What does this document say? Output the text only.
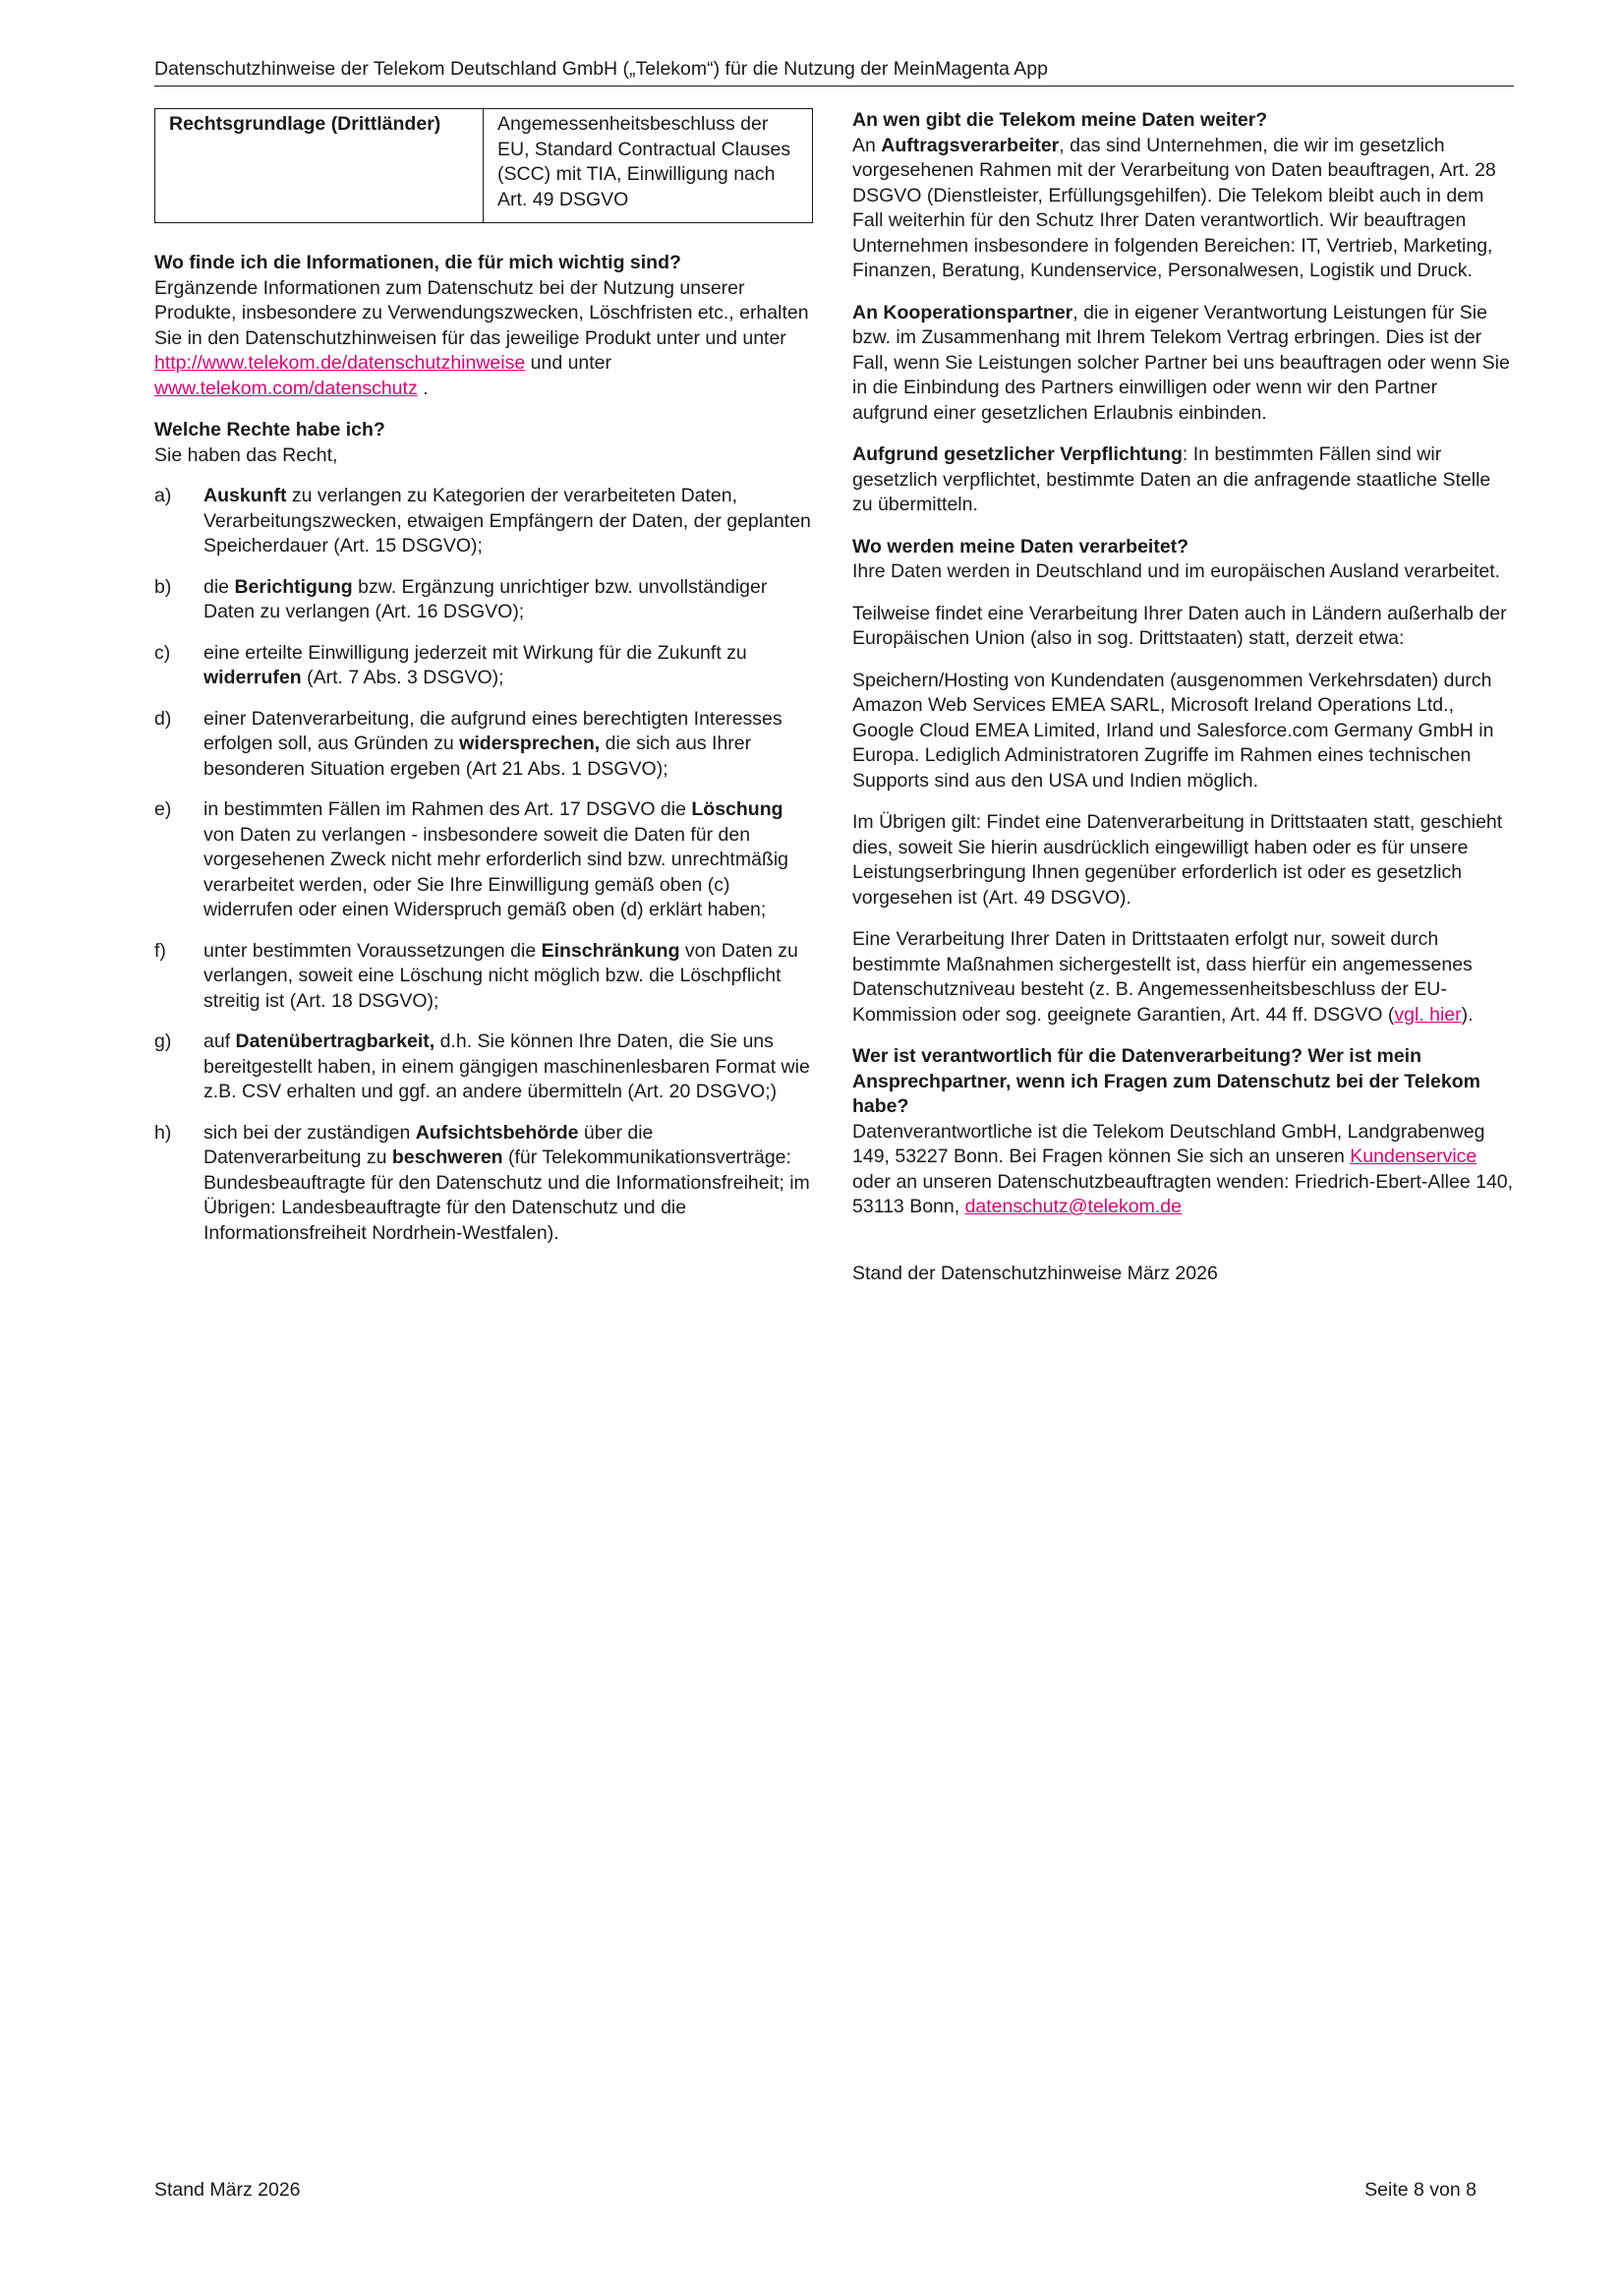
Datenschutzhinweise der Telekom Deutschland GmbH („Telekom“) für die Nutzung der MeinMagenta App
Rechtsgrundlage (Drittländer)	Angemessenheitsbeschluss der EU, Standard Contractual Clauses (SCC) mit TIA, Einwilligung nach Art. 49 DSGVO
Wo finde ich die Informationen, die für mich wichtig sind?
Ergänzende Informationen zum Datenschutz bei der Nutzung unserer Produkte, insbesondere zu Verwendungszwecken, Löschfristen etc., erhalten Sie in den Datenschutzhinweisen für das jeweilige Produkt unter und unter
http://www.telekom.de/datenschutzhinweise und unter
www.telekom.com/datenschutz .
Welche Rechte habe ich?
Sie haben das Recht,
a)	Auskunft zu verlangen zu Kategorien der verarbeiteten Daten, Verarbeitungszwecken, etwaigen Empfängern der Daten, der geplanten Speicherdauer (Art. 15 DSGVO);
b)	die Berichtigung bzw. Ergänzung unrichtiger bzw. unvollständiger Daten zu verlangen (Art. 16 DSGVO);
c)	eine erteilte Einwilligung jederzeit mit Wirkung für die Zukunft zu widerrufen (Art. 7 Abs. 3 DSGVO);
d)	einer Datenverarbeitung, die aufgrund eines berechtigten Interesses erfolgen soll, aus Gründen zu widersprechen, die sich aus Ihrer besonderen Situation ergeben (Art 21 Abs. 1 DSGVO);
e)	in bestimmten Fällen im Rahmen des Art. 17 DSGVO die Löschung von Daten zu verlangen - insbesondere soweit die Daten für den vorgesehenen Zweck nicht mehr erforderlich sind bzw. unrechtmäßig verarbeitet werden, oder Sie Ihre Einwilligung gemäß oben (c) widerrufen oder einen Widerspruch gemäß oben (d) erklärt haben;
f)	unter bestimmten Voraussetzungen die Einschränkung von Daten zu verlangen, soweit eine Löschung nicht möglich bzw. die Löschpflicht streitig ist (Art. 18 DSGVO);
g)	auf Datenübertragbarkeit, d.h. Sie können Ihre Daten, die Sie uns bereitgestellt haben, in einem gängigen maschinenlesbaren Format wie z.B. CSV erhalten und ggf. an andere übermitteln (Art. 20 DSGVO;)
h)	sich bei der zuständigen Aufsichtsbehörde über die Datenverarbeitung zu beschweren (für Telekommunikationsverträge: Bundesbeauftragte für den Datenschutz und die Informationsfreiheit; im Übrigen: Landesbeauftragte für den Datenschutz und die Informationsfreiheit Nordrhein-Westfalen).
An wen gibt die Telekom meine Daten weiter?

An Auftragsverarbeiter, das sind Unternehmen, die wir im gesetzlich vorgesehenen Rahmen mit der Verarbeitung von Daten beauftragen, Art. 28 DSGVO (Dienstleister, Erfüllungsgehilfen). Die Telekom bleibt auch in dem Fall weiterhin für den Schutz Ihrer Daten verantwortlich. Wir beauftragen Unternehmen insbesondere in folgenden Bereichen: IT, Vertrieb, Marketing, Finanzen, Beratung, Kundenservice, Personalwesen, Logistik und Druck.

An Kooperationspartner, die in eigener Verantwortung Leistungen für Sie bzw. im Zusammenhang mit Ihrem Telekom Vertrag erbringen. Dies ist der Fall, wenn Sie Leistungen solcher Partner bei uns beauftragen oder wenn Sie in die Einbindung des Partners einwilligen oder wenn wir den Partner aufgrund einer gesetzlichen Erlaubnis einbinden.

Aufgrund gesetzlicher Verpflichtung: In bestimmten Fällen sind wir gesetzlich verpflichtet, bestimmte Daten an die anfragende staatliche Stelle zu übermitteln.

Wo werden meine Daten verarbeitet?

Ihre Daten werden in Deutschland und im europäischen Ausland verarbeitet.

Teilweise findet eine Verarbeitung Ihrer Daten auch in Ländern außerhalb der Europäischen Union (also in sog. Drittstaaten) statt, derzeit etwa:

Speichern/Hosting von Kundendaten (ausgenommen Verkehrsdaten) durch Amazon Web Services EMEA SARL, Microsoft Ireland Operations Ltd., Google Cloud EMEA Limited, Irland und Salesforce.com Germany GmbH in Europa. Lediglich Administratoren Zugriffe im Rahmen eines technischen Supports sind aus den USA und Indien möglich.

Im Übrigen gilt: Findet eine Datenverarbeitung in Drittstaaten statt, geschieht dies, soweit Sie hierin ausdrücklich eingewilligt haben oder es für unsere Leistungserbringung Ihnen gegenüber erforderlich ist oder es gesetzlich vorgesehen ist (Art. 49 DSGVO).

Eine Verarbeitung Ihrer Daten in Drittstaaten erfolgt nur, soweit durch bestimmte Maßnahmen sichergestellt ist, dass hierfür ein angemessenes Datenschutzniveau besteht (z. B. Angemessenheitsbeschluss der EU-Kommission oder sog. geeignete Garantien, Art. 44 ff. DSGVO (vgl. hier).

Wer ist verantwortlich für die Datenverarbeitung? Wer ist mein Ansprechpartner, wenn ich Fragen zum Datenschutz bei der Telekom habe?
Datenverantwortliche ist die Telekom Deutschland GmbH, Landgrabenweg 149, 53227 Bonn. Bei Fragen können Sie sich an unseren Kundenservice oder an unseren Datenschutzbeauftragten wenden: Friedrich-Ebert-Allee 140, 53113 Bonn, datenschutz@telekom.de
Stand der Datenschutzhinweise März 2026
Stand März 2026	Seite 8 von 8
